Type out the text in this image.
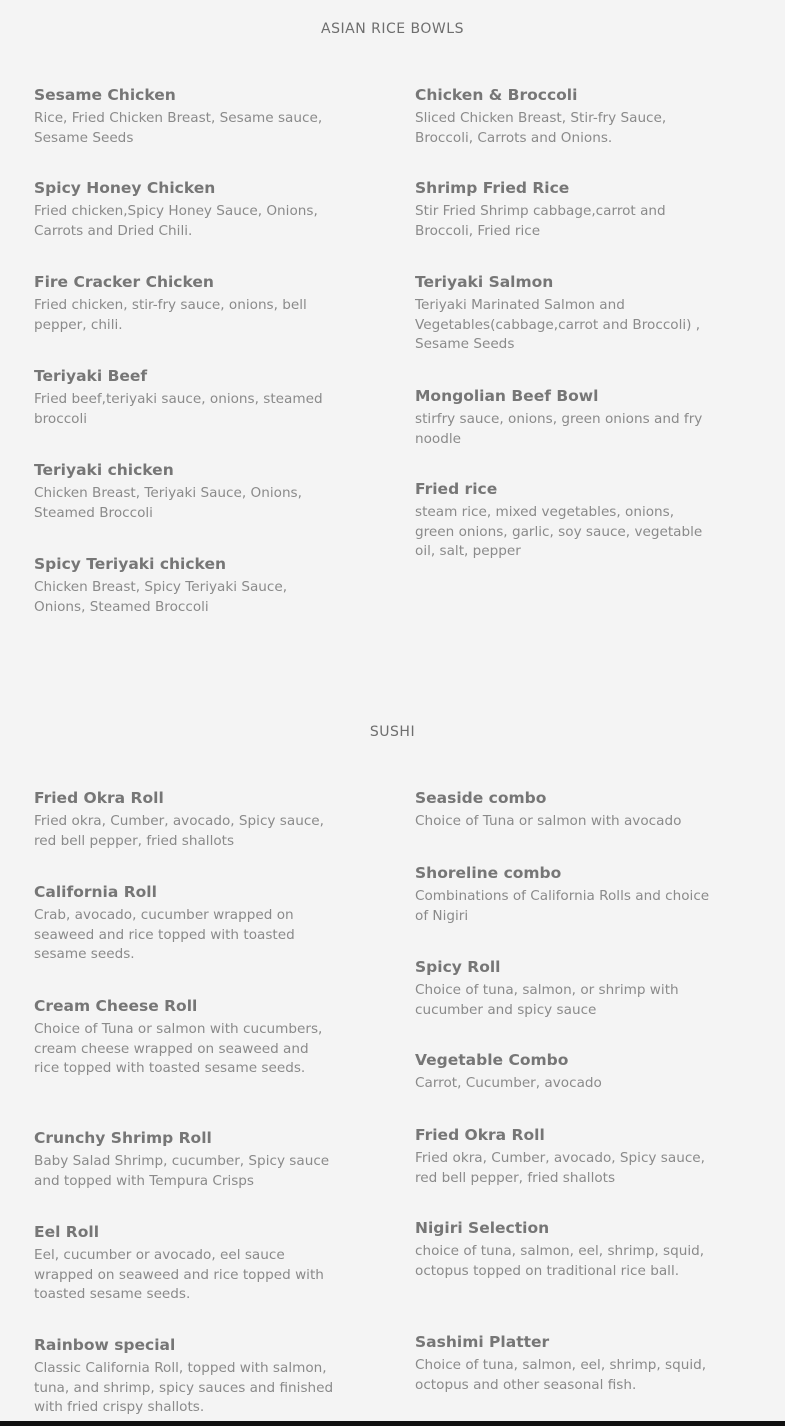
ASIAN RICE BOWLS
Sesame Chicken
Rice, Fried Chicken Breast, Sesame sauce, Sesame Seeds
Spicy Honey Chicken
Fried chicken,Spicy Honey Sauce, Onions, Carrots and Dried Chili.
Fire Cracker Chicken
Fried chicken, stir-fry sauce, onions, bell pepper, chili.
Teriyaki Beef
Fried beef,teriyaki sauce, onions, steamed broccoli
Teriyaki chicken
Chicken Breast, Teriyaki Sauce, Onions, Steamed Broccoli
Spicy Teriyaki chicken
Chicken Breast, Spicy Teriyaki Sauce, Onions, Steamed Broccoli
Chicken & Broccoli
Sliced Chicken Breast, Stir-fry Sauce, Broccoli, Carrots and Onions.
Shrimp Fried Rice
Stir Fried Shrimp cabbage,carrot and Broccoli, Fried rice
Teriyaki Salmon
Teriyaki Marinated Salmon and Vegetables(cabbage,carrot and Broccoli) , Sesame Seeds
Mongolian Beef Bowl
stirfry sauce, onions, green onions and fry noodle
Fried rice
steam rice, mixed vegetables, onions, green onions, garlic, soy sauce, vegetable oil, salt, pepper
SUSHI
Fried Okra Roll
Fried okra, Cumber, avocado, Spicy sauce, red bell pepper, fried shallots
California Roll
Crab, avocado, cucumber wrapped on seaweed and rice topped with toasted sesame seeds.
Cream Cheese Roll
Choice of Tuna or salmon with cucumbers, cream cheese wrapped on seaweed and rice topped with toasted sesame seeds.
Crunchy Shrimp Roll
Baby Salad Shrimp, cucumber, Spicy sauce and topped with Tempura Crisps
Eel Roll
Eel, cucumber or avocado, eel sauce wrapped on seaweed and rice topped with toasted sesame seeds.
Rainbow special
Classic California Roll, topped with salmon, tuna, and shrimp, spicy sauces and finished with fried crispy shallots.
Seaside combo
Choice of Tuna or salmon with avocado
Shoreline combo
Combinations of California Rolls and choice of Nigiri
Spicy Roll
Choice of tuna, salmon, or shrimp with cucumber and spicy sauce
Vegetable Combo
Carrot, Cucumber, avocado
Fried Okra Roll
Fried okra, Cumber, avocado, Spicy sauce, red bell pepper, fried shallots
Nigiri Selection
choice of tuna, salmon, eel, shrimp, squid, octopus topped on traditional rice ball.
Sashimi Platter
Choice of tuna, salmon, eel, shrimp, squid, octopus and other seasonal fish.
